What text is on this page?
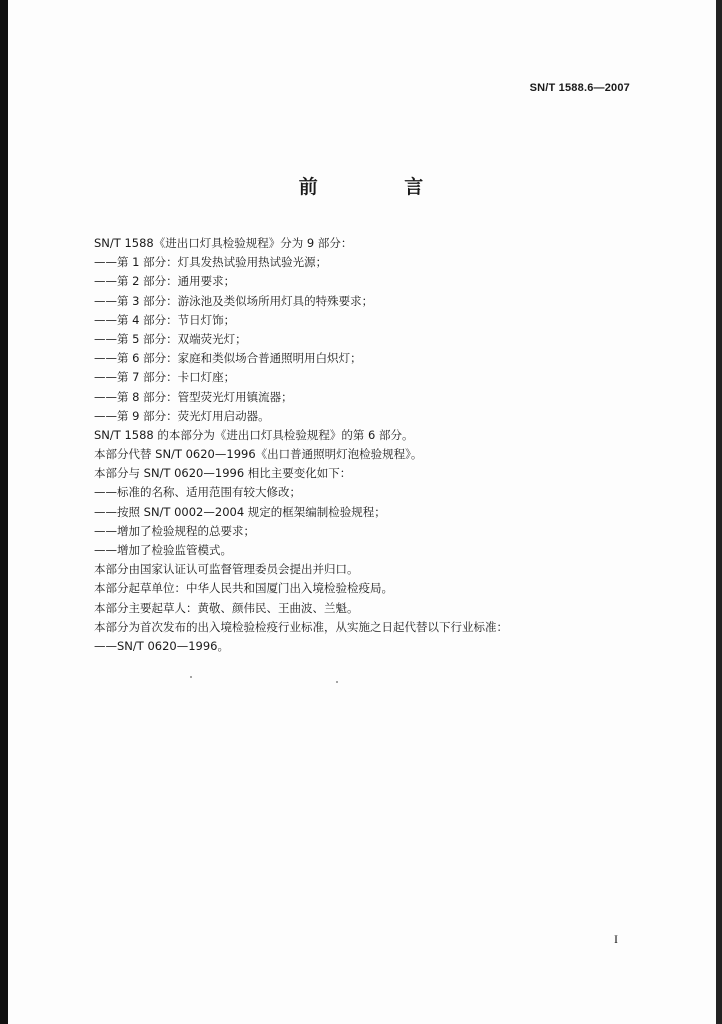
SN/T 1588.6—2007
前 言
SN/T 1588《进出口灯具检验规程》分为 9 部分：
——第 1 部分：灯具发热试验用热试验光源；
——第 2 部分：通用要求；
——第 3 部分：游泳池及类似场所用灯具的特殊要求；
——第 4 部分：节日灯饰；
——第 5 部分：双端荧光灯；
——第 6 部分：家庭和类似场合普通照明用白炽灯；
——第 7 部分：卡口灯座；
——第 8 部分：管型荧光灯用镇流器；
——第 9 部分：荧光灯用启动器。
SN/T 1588 的本部分为《进出口灯具检验规程》的第 6 部分。
本部分代替 SN/T 0620—1996《出口普通照明灯泡检验规程》。
本部分与 SN/T 0620—1996 相比主要变化如下：
——标准的名称、适用范围有较大修改；
——按照 SN/T 0002—2004 规定的框架编制检验规程；
——增加了检验规程的总要求；
——增加了检验监管模式。
本部分由国家认证认可监督管理委员会提出并归口。
本部分起草单位：中华人民共和国厦门出入境检验检疫局。
本部分主要起草人：黄敬、颜伟民、王曲波、兰魁。
本部分为首次发布的出入境检验检疫行业标准，从实施之日起代替以下行业标准：
——SN/T 0620—1996。
I
